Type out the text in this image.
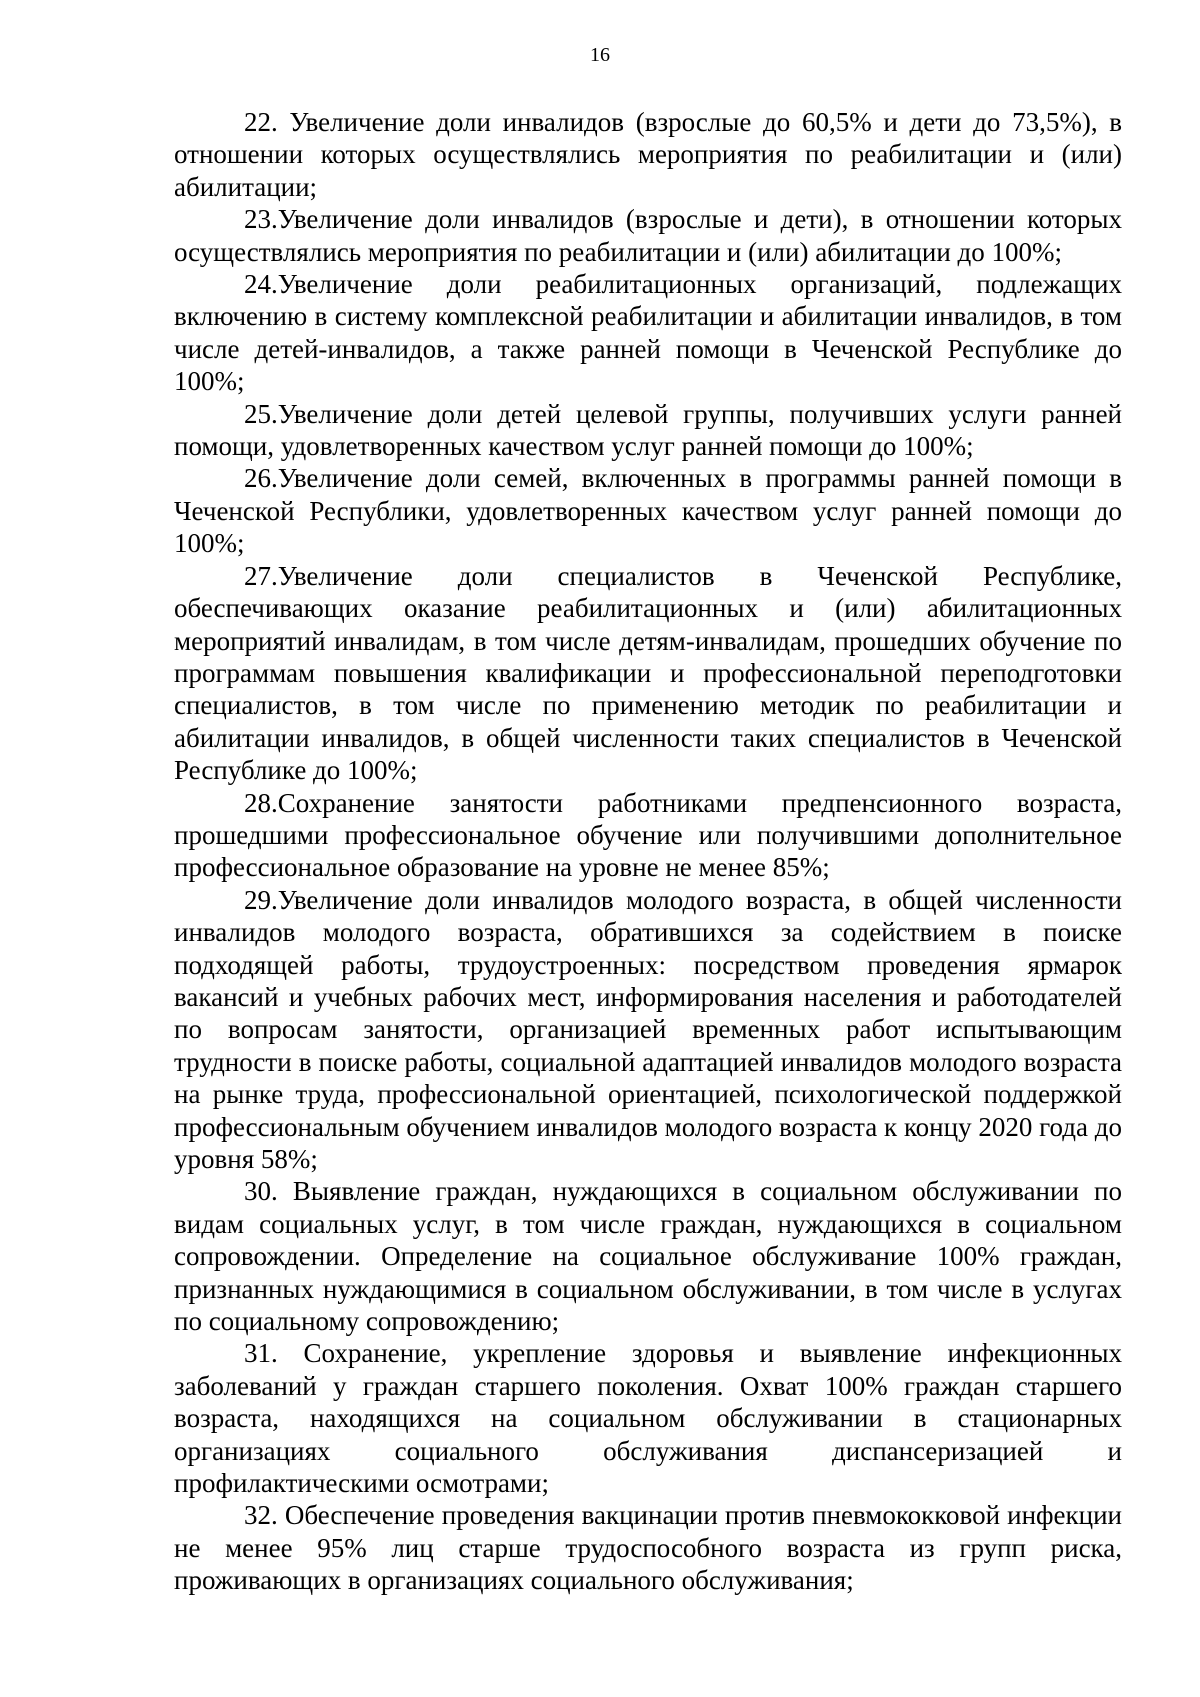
16

22. Увеличение доли инвалидов (взрослые до 60,5% и дети до 73,5%), в отношении которых осуществлялись мероприятия по реабилитации и (или) абилитации;

23.Увеличение доли инвалидов (взрослые и дети), в отношении которых осуществлялись мероприятия по реабилитации и (или) абилитации до 100%;

24.Увеличение доли реабилитационных организаций, подлежащих включению в систему комплексной реабилитации и абилитации инвалидов, в том числе детей-инвалидов, а также ранней помощи в Чеченской Республике до 100%;

25.Увеличение доли детей целевой группы, получивших услуги ранней помощи, удовлетворенных качеством услуг ранней помощи до 100%;

26.Увеличение доли семей, включенных в программы ранней помощи в Чеченской Республики, удовлетворенных качеством услуг ранней помощи до 100%;

27.Увеличение доли специалистов в Чеченской Республике, обеспечивающих оказание реабилитационных и (или) абилитационных мероприятий инвалидам, в том числе детям-инвалидам, прошедших обучение по программам повышения квалификации и профессиональной переподготовки специалистов, в том числе по применению методик по реабилитации и абилитации инвалидов, в общей численности таких специалистов в Чеченской Республике до 100%;

28.Сохранение занятости работниками предпенсионного возраста, прошедшими профессиональное обучение или получившими дополнительное профессиональное образование на уровне не менее 85%;

29.Увеличение доли инвалидов молодого возраста, в общей численности инвалидов молодого возраста, обратившихся за содействием в поиске подходящей работы, трудоустроенных: посредством проведения ярмарок вакансий и учебных рабочих мест, информирования населения и работодателей по вопросам занятости, организацией временных работ испытывающим трудности в поиске работы, социальной адаптацией инвалидов молодого возраста на рынке труда, профессиональной ориентацией, психологической поддержкой профессиональным обучением инвалидов молодого возраста к концу 2020 года до уровня 58%;

30. Выявление граждан, нуждающихся в социальном обслуживании по видам социальных услуг, в том числе граждан, нуждающихся в социальном сопровождении. Определение на социальное обслуживание 100% граждан, признанных нуждающимися в социальном обслуживании, в том числе в услугах по социальному сопровождению;

31. Сохранение, укрепление здоровья и выявление инфекционных заболеваний у граждан старшего поколения. Охват 100% граждан старшего возраста, находящихся на социальном обслуживании в стационарных организациях социального обслуживания диспансеризацией и профилактическими осмотрами;

32. Обеспечение проведения вакцинации против пневмококковой инфекции не менее 95% лиц старше трудоспособного возраста из групп риска, проживающих в организациях социального обслуживания;
